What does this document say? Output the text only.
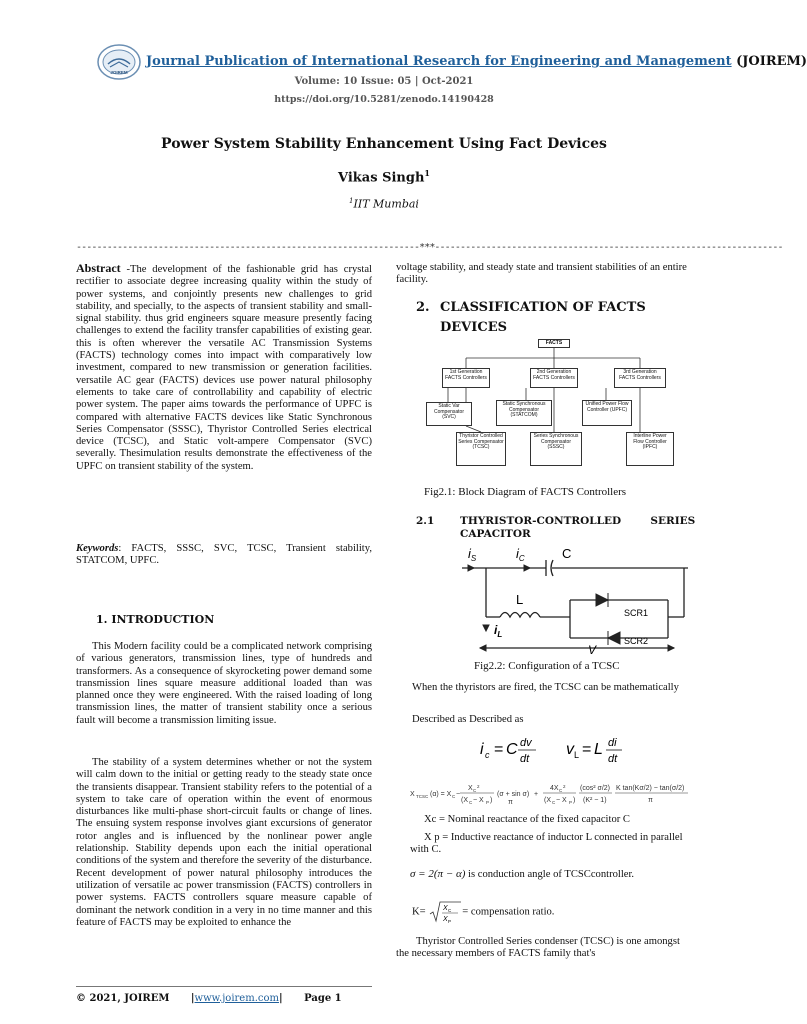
JOIREM
Journal Publication of International Research for Engineering and Management (JOIREM)
Volume: 10 Issue: 05 | Oct-2021
https://doi.org/10.5281/zenodo.14190428
Power System Stability Enhancement Using Fact Devices
Vikas Singh$^1$
$^1$IIT Mumbai
-------------------------------------------------------------------***--------------------------------------------------------------------
Abstract -The development of the fashionable grid has crystal rectifier to associate degree increasing quality within the study of power systems, and conjointly presents new challenges to grid stability, and specially, to the aspects of transient stability and small-signal stability. thus grid engineers square measure presently facing challenges to extend the facility transfer capabilities of existing gear. this is often wherever the versatile AC Transmission Systems (FACTS) technology comes into impact with comparatively low investment, compared to new transmission or generation facilities. versatile AC gear (FACTS) devices use power natural philosophy elements to take care of controllability and capability of electric power system. The paper aims towards the performance of UPFC is compared with alternative FACTS devices like Static Synchronous Series Compensator (SSSC), Thyristor Controlled Series electrical device (TCSC), and Static volt-ampere Compensator (SVC) severally. Thesimulation results demonstrate the effectiveness of the UPFC on transient stability of the system.
Keywords: FACTS, SSSC, SVC, TCSC, Transient stability, STATCOM, UPFC.
1. INTRODUCTION
This Modern facility could be a complicated network comprising of various generators, transmission lines, type of hundreds and transformers. As a consequence of skyrocketing power demand some transmission lines square measure additional loaded than was planned once they were engineered. With the raised loading of long transmission lines, the matter of transient stability once a serious fault will become a transmission limiting issue.
The stability of a system determines whether or not the system will calm down to the initial or getting ready to the steady state once the transients disappear. Transient stability refers to the potential of a system to take care of operation within the event of enormous disturbances like multi-phase short-circuit faults or change of lines. The ensuing system response involves giant excursions of generator rotor angles and is influenced by the nonlinear power angle relationship. Stability depends upon each the initial operational conditions of the system and therefore the severity of the disturbance. Recent development of power natural philosophy introduces the utilization of versatile ac power transmission (FACTS) controllers in power systems. FACTS controllers square measure capable of dominant the network condition in a very in no time manner and this feature of FACTS may be exploited to enhance the
voltage stability, and steady state and transient stabilities of an entire facility.
2. CLASSIFICATION OF FACTS
DEVICES
FACTS
1st Generation FACTS Controllers
2nd Generation FACTS Controllers
3rd Generation FACTS Controllers
Static Var Compensator (SVC)
Static Synchronous Compensator (STATCOM)
Unified Power Flow Controller (UPFC)
Thyristor Controlled Series Compensator (TCSC)
Series Synchronous Compensator (SSSC)
Interline Power Flow Controller (IPFC)
Fig2.1: Block Diagram of FACTS Controllers
2.1 THYRISTOR-CONTROLLED        SERIES
CAPACITOR
$i_S$	$i_C$	C
L
$i_L$
SCR1
SCR2
V
Fig2.2: Configuration of a TCSC
When the thyristors are fired, the TCSC can be mathematically
Described as Described as
i c = C dv
dt
v L = L di
dt
X TCSC (α) = X C −
X C
2
(X C − X P )
(σ + sin σ)
π
+
4X C
2
(X C − X P )
(cos² σ/2)
(K² − 1)
K tan(Kσ/2) − tan(σ/2)
π
Xc = Nominal reactance of the fixed capacitor C
X p = Inductive reactance of inductor L connected in parallel with C.
σ = 2(π − α) is conduction angle of TCSCcontroller.
K=	X C
X P
= compensation ratio.
Thyristor Controlled Series condenser (TCSC) is one amongst the necessary members of FACTS family that's
© 2021, JOIREM |www.joirem.com| Page 1
